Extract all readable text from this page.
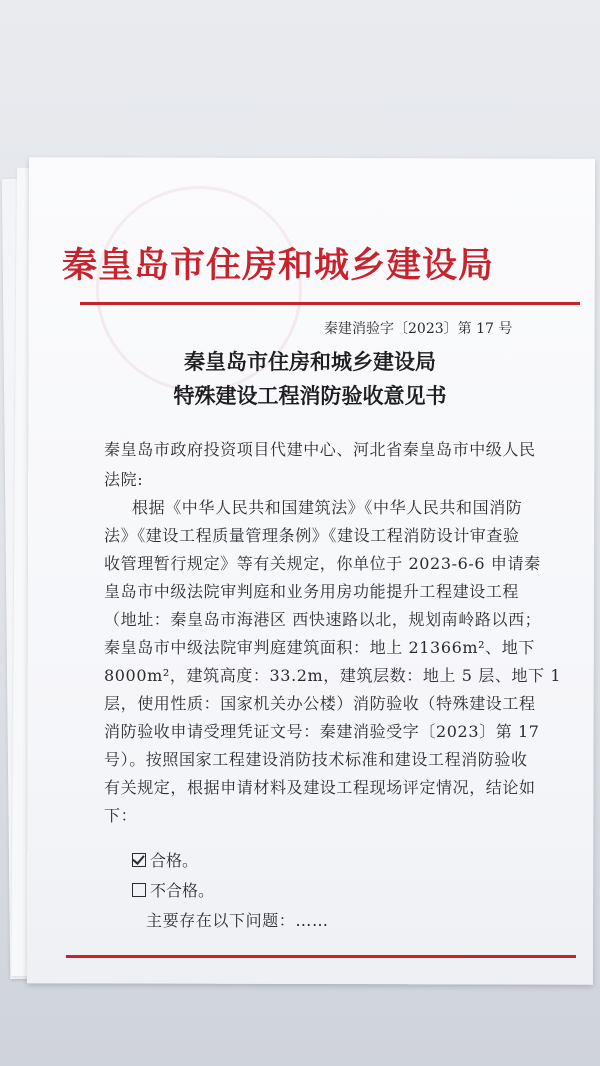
秦皇岛市住房和城乡建设局
秦建消验字〔2023〕第 17 号
秦皇岛市住房和城乡建设局
特殊建设工程消防验收意见书
秦皇岛市政府投资项目代建中心、河北省秦皇岛市中级人民
法院:
根据《中华人民共和国建筑法》《中华人民共和国消防
法》《建设工程质量管理条例》《建设工程消防设计审查验
收管理暂行规定》等有关规定，你单位于 2023-6-6 申请秦
皇岛市中级法院审判庭和业务用房功能提升工程建设工程
（地址：秦皇岛市海港区 西快速路以北，规划南岭路以西；
秦皇岛市中级法院审判庭建筑面积：地上 21366m²、地下
8000m²，建筑高度：33.2m，建筑层数：地上 5 层、地下 1
层，使用性质：国家机关办公楼）消防验收（特殊建设工程
消防验收申请受理凭证文号：秦建消验受字〔2023〕第 17
号）。按照国家工程建设消防技术标准和建设工程消防验收
有关规定，根据申请材料及建设工程现场评定情况，结论如
下：
合格。
不合格。
主要存在以下问题：……
